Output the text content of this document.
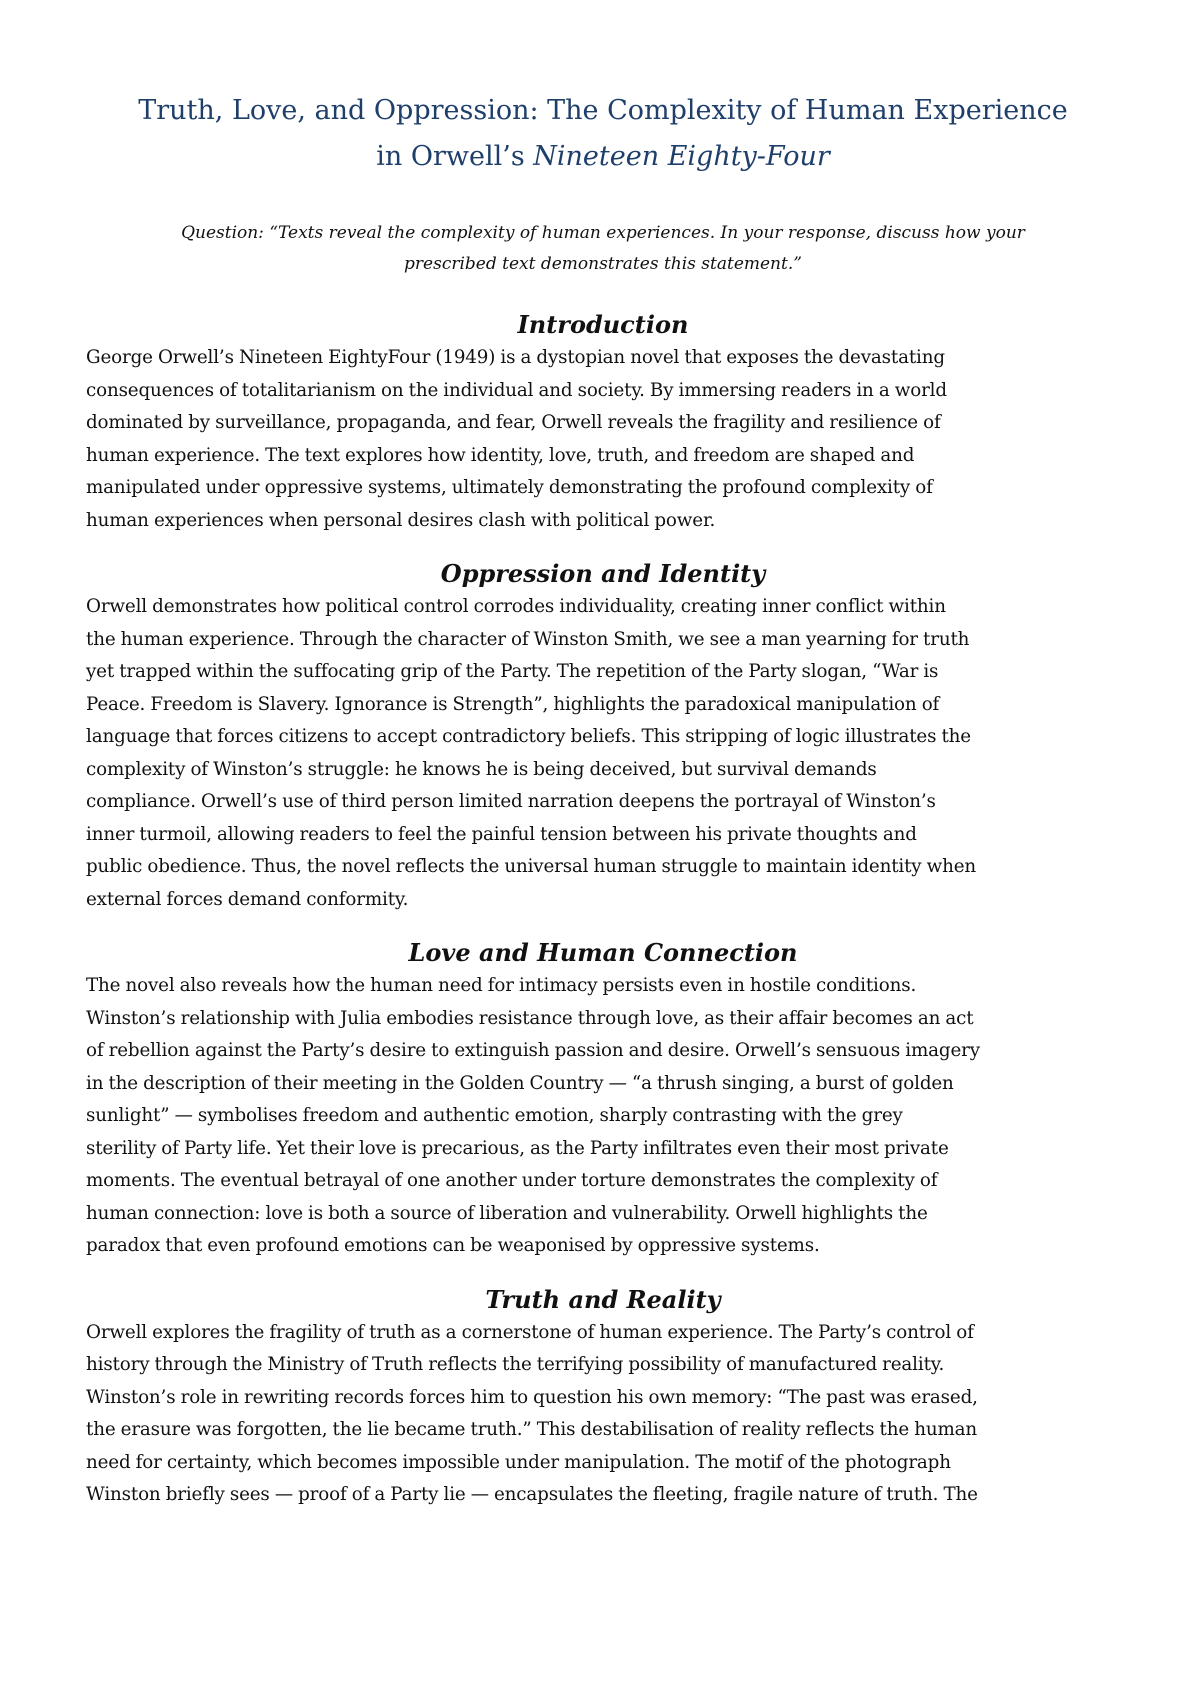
Truth, Love, and Oppression: The Complexity of Human Experience
in Orwell’s Nineteen Eighty-Four

Question: “Texts reveal the complexity of human experiences. In your response, discuss how your
prescribed text demonstrates this statement.”

Introduction

George Orwell’s Nineteen EightyFour (1949) is a dystopian novel that exposes the devastating
consequences of totalitarianism on the individual and society. By immersing readers in a world
dominated by surveillance, propaganda, and fear, Orwell reveals the fragility and resilience of
human experience. The text explores how identity, love, truth, and freedom are shaped and
manipulated under oppressive systems, ultimately demonstrating the profound complexity of
human experiences when personal desires clash with political power.

Oppression and Identity

Orwell demonstrates how political control corrodes individuality, creating inner conflict within
the human experience. Through the character of Winston Smith, we see a man yearning for truth
yet trapped within the suffocating grip of the Party. The repetition of the Party slogan, “War is
Peace. Freedom is Slavery. Ignorance is Strength”, highlights the paradoxical manipulation of
language that forces citizens to accept contradictory beliefs. This stripping of logic illustrates the
complexity of Winston’s struggle: he knows he is being deceived, but survival demands
compliance. Orwell’s use of third person limited narration deepens the portrayal of Winston’s
inner turmoil, allowing readers to feel the painful tension between his private thoughts and
public obedience. Thus, the novel reflects the universal human struggle to maintain identity when
external forces demand conformity.

Love and Human Connection

The novel also reveals how the human need for intimacy persists even in hostile conditions.
Winston’s relationship with Julia embodies resistance through love, as their affair becomes an act
of rebellion against the Party’s desire to extinguish passion and desire. Orwell’s sensuous imagery
in the description of their meeting in the Golden Country — “a thrush singing, a burst of golden
sunlight” — symbolises freedom and authentic emotion, sharply contrasting with the grey
sterility of Party life. Yet their love is precarious, as the Party infiltrates even their most private
moments. The eventual betrayal of one another under torture demonstrates the complexity of
human connection: love is both a source of liberation and vulnerability. Orwell highlights the
paradox that even profound emotions can be weaponised by oppressive systems.

Truth and Reality

Orwell explores the fragility of truth as a cornerstone of human experience. The Party’s control of
history through the Ministry of Truth reflects the terrifying possibility of manufactured reality.
Winston’s role in rewriting records forces him to question his own memory: “The past was erased,
the erasure was forgotten, the lie became truth.” This destabilisation of reality reflects the human
need for certainty, which becomes impossible under manipulation. The motif of the photograph
Winston briefly sees — proof of a Party lie — encapsulates the fleeting, fragile nature of truth. The
